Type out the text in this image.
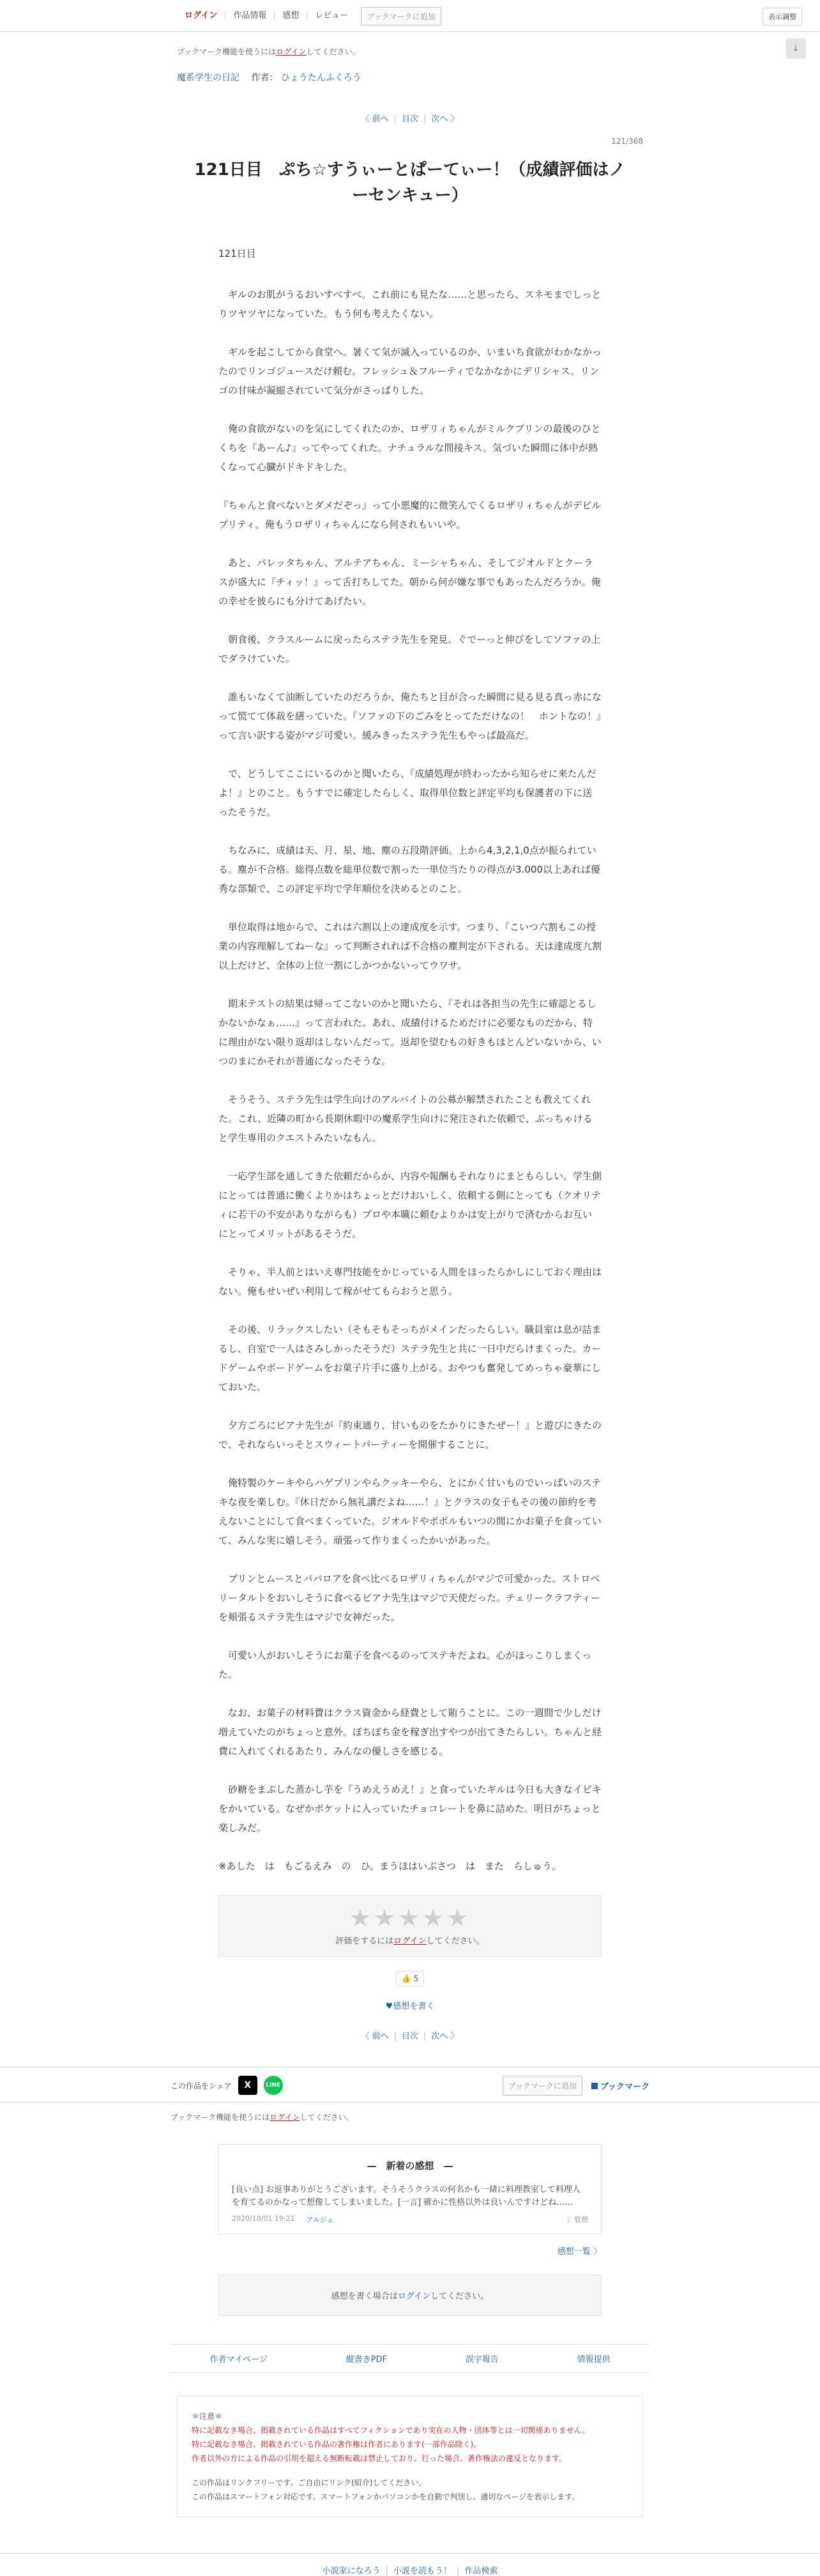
ログイン	作品情報	感想	レビュー	ブックマークに追加	表示調整
↓
ブックマーク機能を使うにはログインしてください。
魔系学生の日記 作者： ひょうたんふくろう
〈 前へ | 目次 | 次へ 〉
121/368
121日目　ぷち☆すうぃーとぱーてぃー！（成績評価はノーセンキュー）

121日目

　ギルのお肌がうるおいすべすべ。これ前にも見たな……と思ったら、スネモまでしっとりツヤツヤになっていた。もう何も考えたくない。

　ギルを起こしてから食堂へ。暑くて気が滅入っているのか、いまいち食欲がわかなかったのでリンゴジュースだけ頼む。フレッシュ＆フルーティでなかなかにデリシャス。リンゴの甘味が凝縮されていて気分がさっぱりした。

　俺の食欲がないのを気にしてくれたのか、ロザリィちゃんがミルクプリンの最後のひとくちを『あーん♪』ってやってくれた。ナチュラルな間接キス。気づいた瞬間に体中が熱くなって心臓がドキドキした。

『ちゃんと食べないとダメだぞっ』って小悪魔的に微笑んでくるロザリィちゃんがデビルプリティ。俺もうロザリィちゃんになら何されもいいや。

　あと、パレッタちゃん、アルテアちゃん、ミーシャちゃん、そしてジオルドとクーラスが盛大に『チィッ！』って舌打ちしてた。朝から何が嫌な事でもあったんだろうか。俺の幸せを彼らにも分けてあげたい。

　朝食後、クラスルームに戻ったらステラ先生を発見。ぐでーっと伸びをしてソファの上でダラけていた。

　誰もいなくて油断していたのだろうか、俺たちと目が合った瞬間に見る見る真っ赤になって慌てて体裁を繕っていた。『ソファの下のごみをとってただけなの！　ホントなの！』って言い訳する姿がマジ可愛い。緩みきったステラ先生もやっぱ最高だ。

　で、どうしてここにいるのかと聞いたら、『成績処理が終わったから知らせに来たんだよ！』とのこと。もうすでに確定したらしく、取得単位数と評定平均も保護者の下に送ったそうだ。

　ちなみに、成績は天、月、星、地、塵の五段階評価。上から4,3,2,1,0点が振られている。塵が不合格。総得点数を総単位数で割った一単位当たりの得点が3.000以上あれば優秀な部類で、この評定平均で学年順位を決めるとのこと。

　単位取得は地からで、これは六割以上の達成度を示す。つまり、『こいつ六割もこの授業の内容理解してねーな』って判断されれば不合格の塵判定が下される。天は達成度九割以上だけど、全体の上位一割にしかつかないってウワサ。

　期末テストの結果は帰ってこないのかと聞いたら、『それは各担当の先生に確認とるしかないかなぁ……』って言われた。あれ、成績付けるためだけに必要なものだから、特に理由がない限り返却はしないんだって。返却を望むもの好きもほとんどいないから、いつのまにかそれが普通になったそうな。

　そうそう、ステラ先生は学生向けのアルバイトの公募が解禁されたことも教えてくれた。これ、近隣の町から長期休暇中の魔系学生向けに発注された依頼で、ぶっちゃけると学生専用のクエストみたいなもん。

　一応学生部を通してきた依頼だからか、内容や報酬もそれなりにまともらしい。学生側にとっては普通に働くよりかはちょっとだけおいしく、依頼する側にとっても（クオリティに若干の不安がありながらも）プロや本職に頼むよりかは安上がりで済むからお互いにとってメリットがあるそうだ。

　そりゃ、半人前とはいえ専門技能をかじっている人間をほったらかしにしておく理由はない。俺もせいぜい利用して稼がせてもらおうと思う。

　その後、リラックスしたい（そもそもそっちがメインだったらしい。職員室は息が詰まるし、自室で一人はさみしかったそうだ）ステラ先生と共に一日中だらけまくった。カードゲームやボードゲームをお菓子片手に盛り上がる。おやつも奮発してめっちゃ豪華にしておいた。

　夕方ごろにピアナ先生が『約束通り、甘いものをたかりにきたぜー！』と遊びにきたので、それならいっそとスウィートパーティーを開催することに。

　俺特製のケーキやらハゲプリンやらクッキーやら、とにかく甘いものでいっぱいのステキな夜を楽しむ。『休日だから無礼講だよね……！』とクラスの女子もその後の節約を考えないことにして食べまくっていた。ジオルドやポポルもいつの間にかお菓子を食っていて、みんな実に嬉しそう。頑張って作りまくったかいがあった。

　プリンとムースとババロアを食べ比べるロザリィちゃんがマジで可愛かった。ストロベリータルトをおいしそうに食べるピアナ先生はマジで天使だった。チェリークラフティーを頬張るステラ先生はマジで女神だった。

　可愛い人がおいしそうにお菓子を食べるのってステキだよね。心がほっこりしまくった。

　なお、お菓子の材料費はクラス資金から経費として賄うことに。この一週間で少しだけ増えていたのがちょっと意外。ぼちぼち金を稼ぎ出すやつが出てきたらしい。ちゃんと経費に入れてくれるあたり、みんなの優しさを感じる。

　砂糖をまぶした蒸かし芋を『うめえうめえ！』と食っていたギルは今日も大きなイビキをかいている。なぜかポケットに入っていたチョコレートを鼻に詰めた。明日がちょっと楽しみだ。

※あした　は　もごるえみ　の　ひ。まうほはいぶさつ　は　また　らしゅう。

★★★★★
評価をするにはログインしてください。
👍 5
♥感想を書く
〈 前へ | 目次 | 次へ 〉
この作品をシェア	X	LINE	ブックマークに追加	ブックマーク
ブックマーク機能を使うにはログインしてください。
—　新着の感想　—
[良い点] お返事ありがとうございます。そうそうクラスの何名かも一緒に料理教室して料理人を育てるのかなって想像してしまいました。[一言] 確かに性格以外は良いんですけどね……
2020/10/01 19:21 アルジェ	⋮ 管理
感想一覧 〉
感想を書く場合はログインしてください。
作者マイページ	縦書きPDF	誤字報告	情報提供
＊注意＊
特に記載なき場合、掲載されている作品はすべてフィクションであり実在の人物・団体等とは一切関係ありません。
特に記載なき場合、掲載されている作品の著作権は作者にあります(一部作品除く)。
作者以外の方による作品の引用を超える無断転載は禁止しており、行った場合、著作権法の違反となります。
この作品はリンクフリーです。ご自由にリンク(紹介)してください。
この作品はスマートフォン対応です。スマートフォンかパソコンかを自動で判別し、適切なページを表示します。
小説家になろう | 小説を読もう！ | 作品検索
